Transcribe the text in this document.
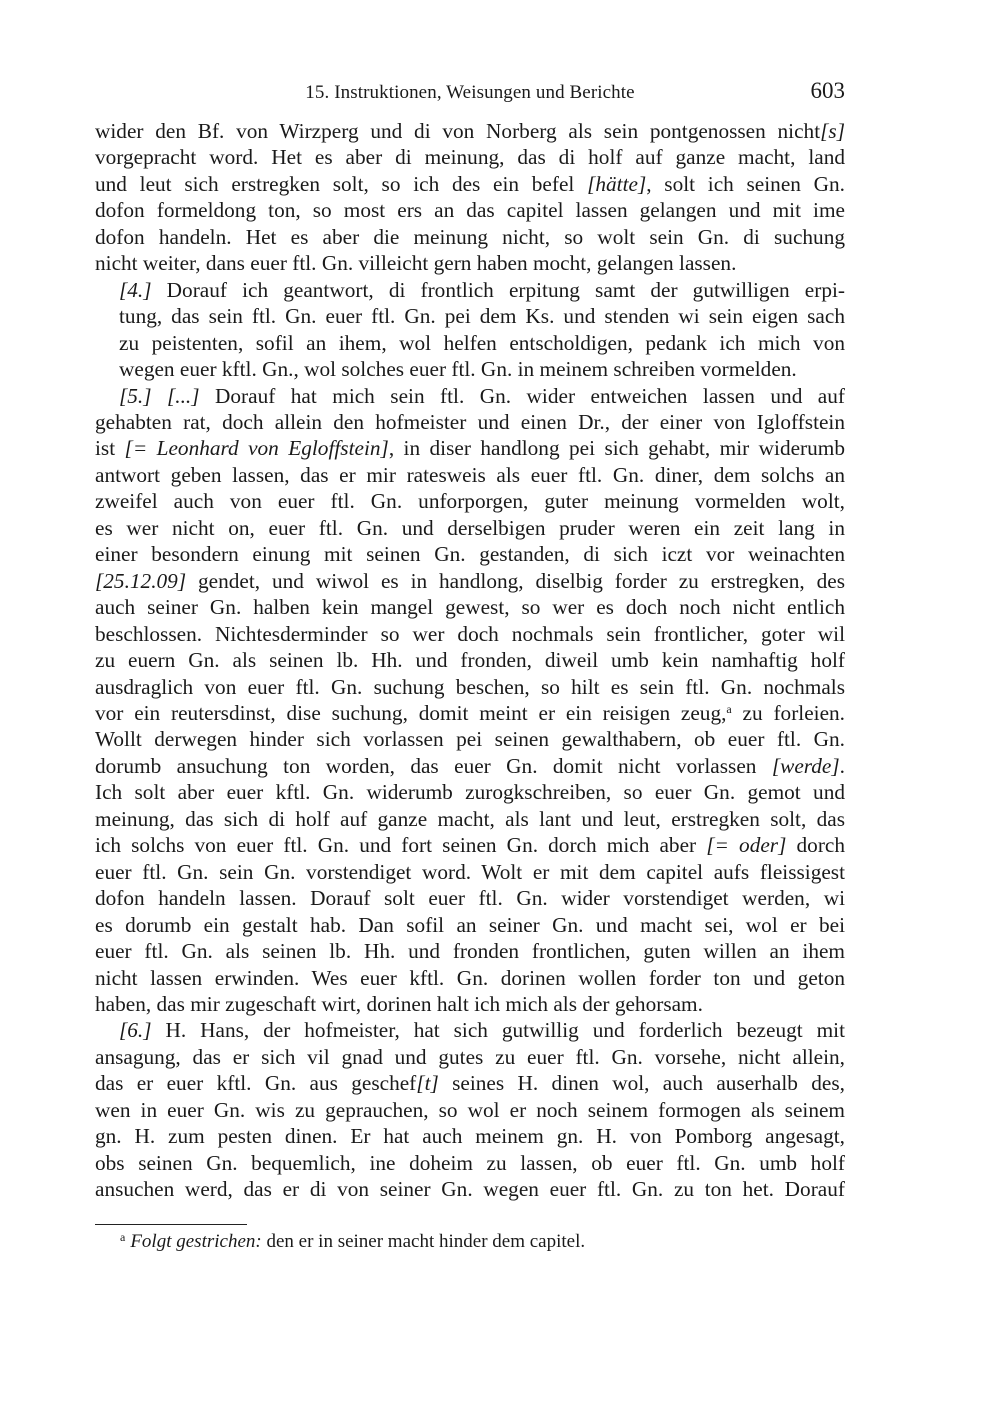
15. Instruktionen, Weisungen und Berichte	603

wider den Bf. von Wirzperg und di von Norberg als sein pontgenossen nicht[s]
vorgepracht word. Het es aber di meinung, das di holf auf ganze macht, land
und leut sich erstregken solt, so ich des ein befel [hätte], solt ich seinen Gn.
dofon formeldong ton, so most ers an das capitel lassen gelangen und mit ime
dofon handeln. Het es aber die meinung nicht, so wolt sein Gn. di suchung
nicht weiter, dans euer ftl. Gn. villeicht gern haben mocht, gelangen lassen.

[4.] Dorauf ich geantwort, di frontlich erpitung samt der gutwilligen erpi-
tung, das sein ftl. Gn. euer ftl. Gn. pei dem Ks. und stenden wi sein eigen sach
zu peistenten, sofil an ihem, wol helfen entscholdigen, pedank ich mich von
wegen euer kftl. Gn., wol solches euer ftl. Gn. in meinem schreiben vormelden.

[5.] [...] Dorauf hat mich sein ftl. Gn. wider entweichen lassen und auf
gehabten rat, doch allein den hofmeister und einen Dr., der einer von Igloffstein
ist [= Leonhard von Egloffstein], in diser handlong pei sich gehabt, mir widerumb
antwort geben lassen, das er mir ratesweis als euer ftl. Gn. diner, dem solchs an
zweifel auch von euer ftl. Gn. unforporgen, guter meinung vormelden wolt,
es wer nicht on, euer ftl. Gn. und derselbigen pruder weren ein zeit lang in
einer besondern einung mit seinen Gn. gestanden, di sich iczt vor weinachten
[25.12.09] gendet, und wiwol es in handlong, diselbig forder zu erstregken, des
auch seiner Gn. halben kein mangel gewest, so wer es doch noch nicht entlich
beschlossen. Nichtesderminder so wer doch nochmals sein frontlicher, goter wil
zu euern Gn. als seinen lb. Hh. und fronden, diweil umb kein namhaftig holf
ausdraglich von euer ftl. Gn. suchung beschen, so hilt es sein ftl. Gn. nochmals
vor ein reutersdinst, dise suchung, domit meint er ein reisigen zeug,$^a$ zu forleien.
Wollt derwegen hinder sich vorlassen pei seinen gewalthabern, ob euer ftl. Gn.
dorumb ansuchung ton worden, das euer Gn. domit nicht vorlassen [werde].
Ich solt aber euer kftl. Gn. widerumb zurogkschreiben, so euer Gn. gemot und
meinung, das sich di holf auf ganze macht, als lant und leut, erstregken solt, das
ich solchs von euer ftl. Gn. und fort seinen Gn. dorch mich aber [= oder] dorch
euer ftl. Gn. sein Gn. vorstendiget word. Wolt er mit dem capitel aufs fleissigest
dofon handeln lassen. Dorauf solt euer ftl. Gn. wider vorstendiget werden, wi
es dorumb ein gestalt hab. Dan sofil an seiner Gn. und macht sei, wol er bei
euer ftl. Gn. als seinen lb. Hh. und fronden frontlichen, guten willen an ihem
nicht lassen erwinden. Wes euer kftl. Gn. dorinen wollen forder ton und geton
haben, das mir zugeschaft wirt, dorinen halt ich mich als der gehorsam.

[6.] H. Hans, der hofmeister, hat sich gutwillig und forderlich bezeugt mit
ansagung, das er sich vil gnad und gutes zu euer ftl. Gn. vorsehe, nicht allein,
das er euer kftl. Gn. aus geschef[t] seines H. dinen wol, auch auserhalb des,
wen in euer Gn. wis zu geprauchen, so wol er noch seinem formogen als seinem
gn. H. zum pesten dinen. Er hat auch meinem gn. H. von Pomborg angesagt,
obs seinen Gn. bequemlich, ine doheim zu lassen, ob euer ftl. Gn. umb holf
ansuchen werd, das er di von seiner Gn. wegen euer ftl. Gn. zu ton het. Dorauf

$^a$ Folgt gestrichen: den er in seiner macht hinder dem capitel.
